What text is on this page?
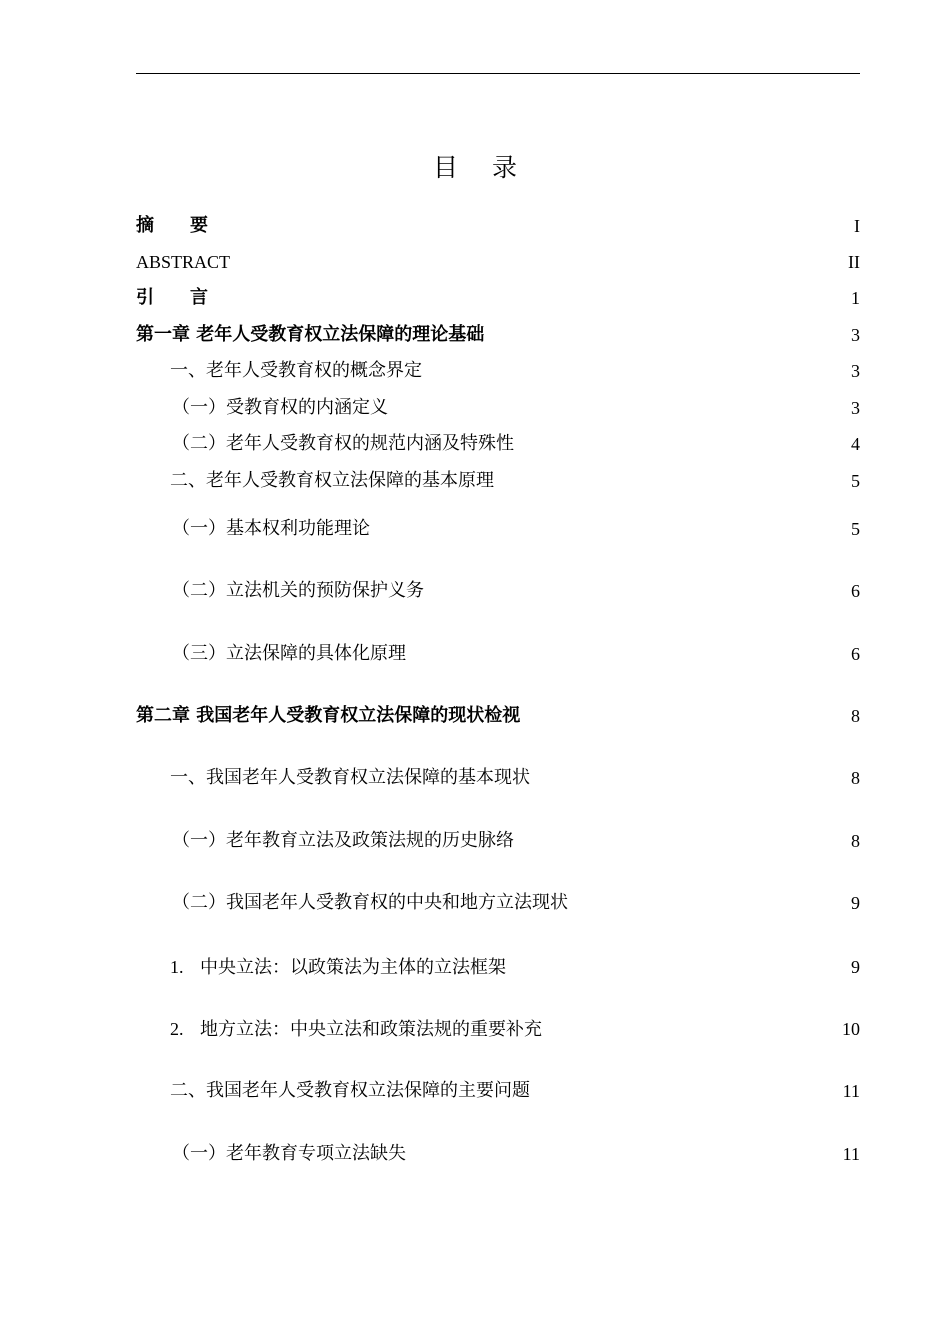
目 录
摘　　要	I
ABSTRACT	II
引　　言	1
第一章 老年人受教育权立法保障的理论基础	3
一、老年人受教育权的概念界定	3
（一）受教育权的内涵定义	3
（二）老年人受教育权的规范内涵及特殊性	4
二、老年人受教育权立法保障的基本原理	5
（一）基本权利功能理论	5
（二）立法机关的预防保护义务	6
（三）立法保障的具体化原理	6
第二章 我国老年人受教育权立法保障的现状检视	8
一、我国老年人受教育权立法保障的基本现状	8
（一）老年教育立法及政策法规的历史脉络	8
（二）我国老年人受教育权的中央和地方立法现状	9
1. 中央立法：以政策法为主体的立法框架	9
2. 地方立法：中央立法和政策法规的重要补充	10
二、我国老年人受教育权立法保障的主要问题	11
（一）老年教育专项立法缺失	11
